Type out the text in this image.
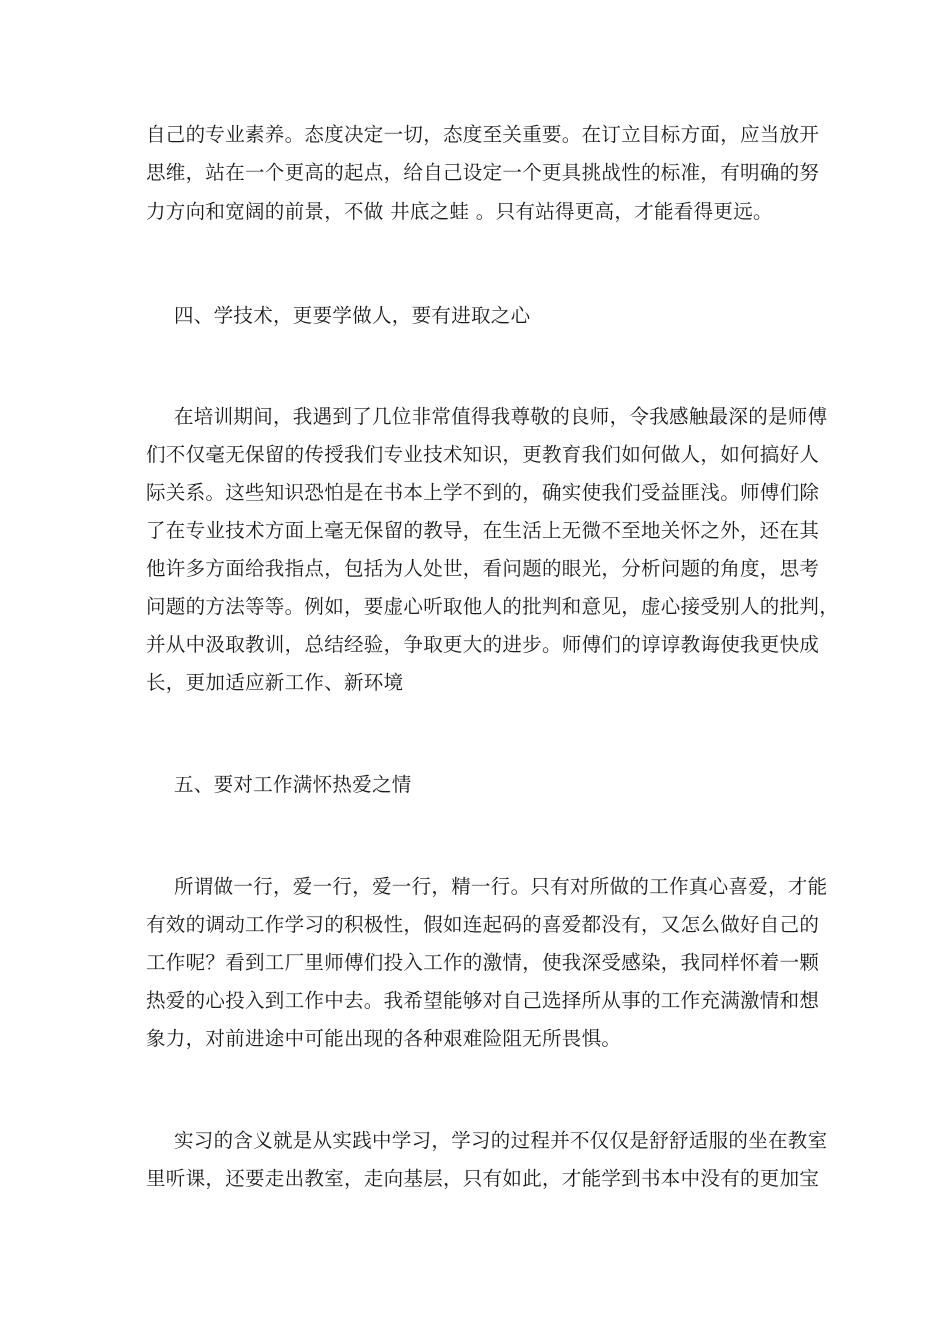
自己的专业素养。态度决定一切，态度至关重要。在订立目标方面，应当放开
思维，站在一个更高的起点，给自己设定一个更具挑战性的标准，有明确的努
力方向和宽阔的前景，不做 井底之蛙 。只有站得更高，才能看得更远。
四、学技术，更要学做人，要有进取之心
在培训期间，我遇到了几位非常值得我尊敬的良师，令我感触最深的是师傅
们不仅毫无保留的传授我们专业技术知识，更教育我们如何做人，如何搞好人
际关系。这些知识恐怕是在书本上学不到的，确实使我们受益匪浅。师傅们除
了在专业技术方面上毫无保留的教导，在生活上无微不至地关怀之外，还在其
他许多方面给我指点，包括为人处世，看问题的眼光，分析问题的角度，思考
问题的方法等等。例如，要虚心听取他人的批判和意见，虚心接受别人的批判，
并从中汲取教训，总结经验，争取更大的进步。师傅们的谆谆教诲使我更快成
长，更加适应新工作、新环境
五、要对工作满怀热爱之情
所谓做一行，爱一行，爱一行，精一行。只有对所做的工作真心喜爱，才能
有效的调动工作学习的积极性，假如连起码的喜爱都没有，又怎么做好自己的
工作呢？看到工厂里师傅们投入工作的激情，使我深受感染，我同样怀着一颗
热爱的心投入到工作中去。我希望能够对自己选择所从事的工作充满激情和想
象力，对前进途中可能出现的各种艰难险阻无所畏惧。
实习的含义就是从实践中学习，学习的过程并不仅仅是舒舒适服的坐在教室
里听课，还要走出教室，走向基层，只有如此，才能学到书本中没有的更加宝
